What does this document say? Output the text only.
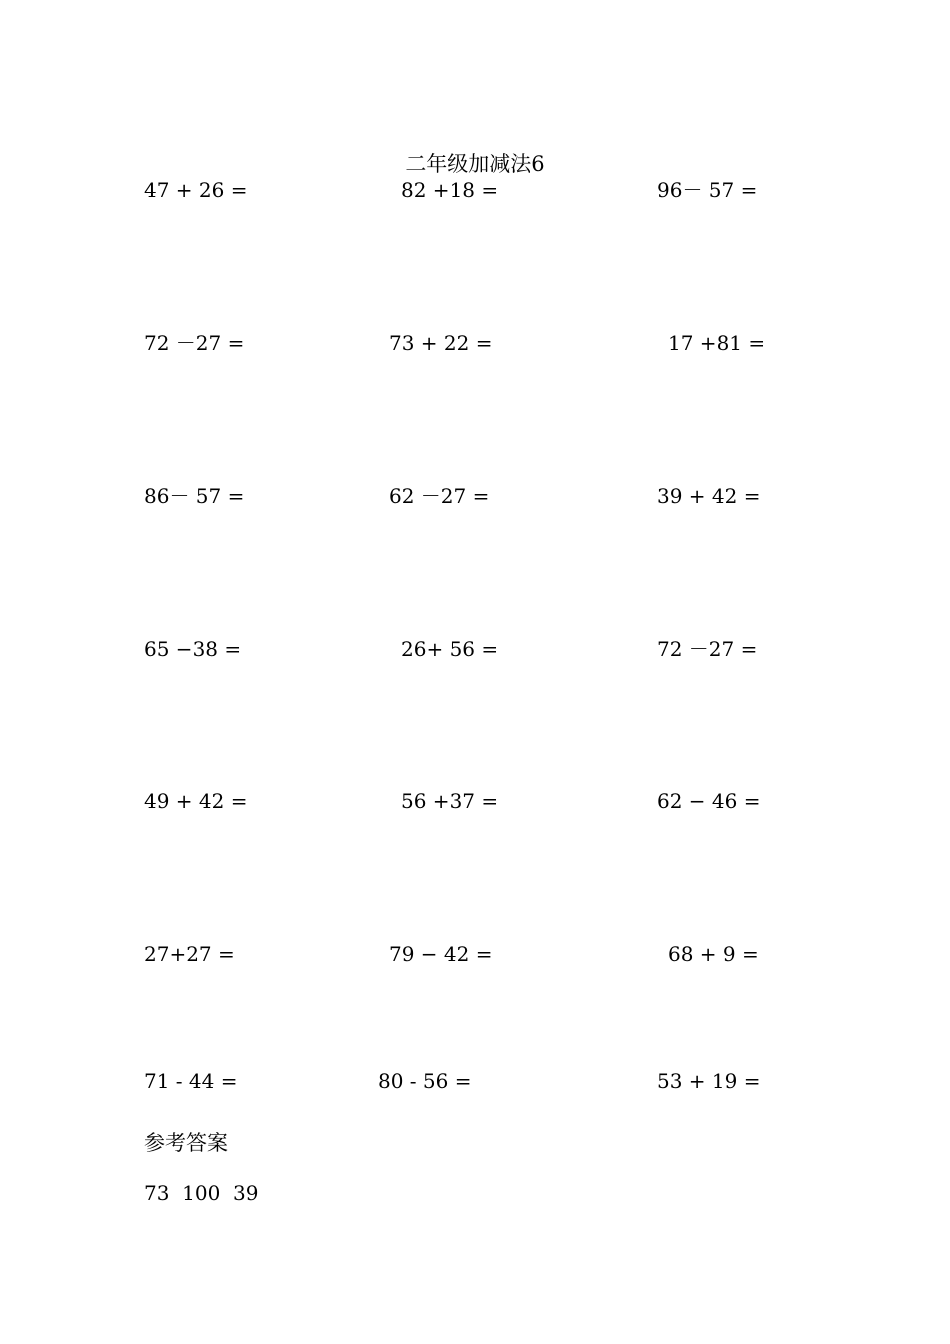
二年级加减法6
47 + 26 =	82 +18 =	96－ 57 =
72 －27 =	73 + 22 =	17 +81 =
86－ 57 =	62 －27 =	39 + 42 =
65 −38 =	26+ 56 =	72 －27 =
49 + 42 =	56 +37 =	62 − 46 =
27+27 =	79 − 42 =	68 + 9 =
71 - 44 =	80 - 56 =	53 + 19 =
参考答案
73  100  39
